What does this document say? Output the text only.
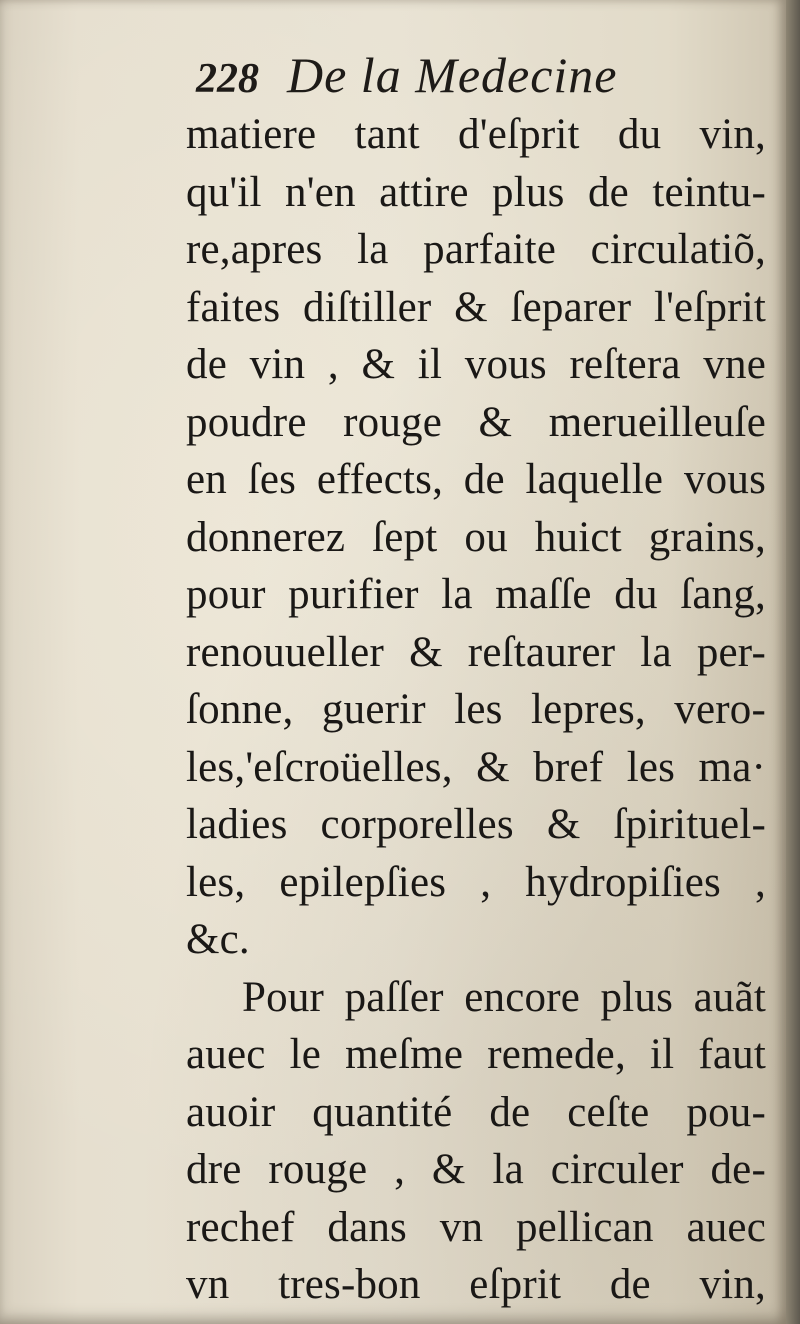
228 De la Medecine
matiere tant d'eſprit du vin,
qu'il n'en attire plus de teintu-
re,apres la parfaite circulatiõ,
faites diſtiller & ſeparer l'eſprit
de vin , & il vous reſtera vne
poudre rouge & merueilleuſe
en ſes effects, de laquelle vous
donnerez ſept ou huict grains,
pour purifier la maſſe du ſang,
renouueller & reſtaurer la per-
ſonne, guerir les lepres, vero-
les,'eſcroüelles, & bref les ma·
ladies corporelles & ſpirituel-
les, epilepſies , hydropiſies ,
&c.
Pour paſſer encore plus auãt
auec le meſme remede, il faut
auoir quantité de ceſte pou-
dre rouge , & la circuler de-
rechef dans vn pellican auec
vn tres-bon eſprit de vin,
